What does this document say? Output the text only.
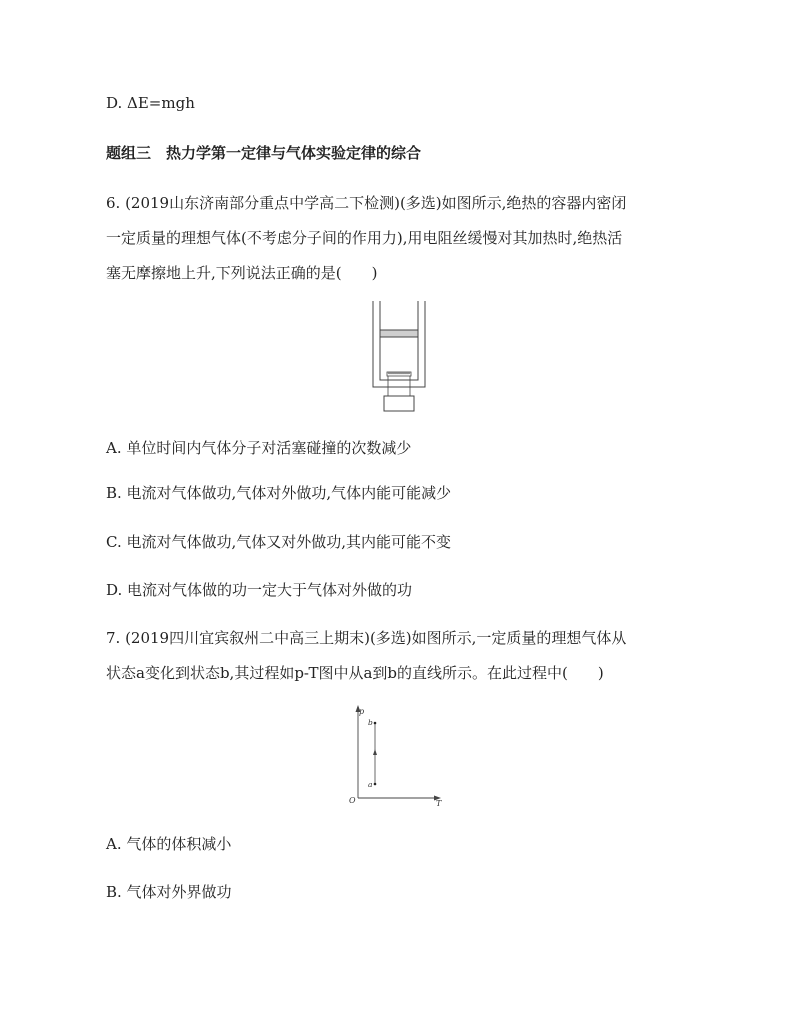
D. ΔE=mgh
题组三　热力学第一定律与气体实验定律的综合
6. (2019山东济南部分重点中学高二下检测)(多选)如图所示,绝热的容器内密闭
一定质量的理想气体(不考虑分子间的作用力),用电阻丝缓慢对其加热时,绝热活
塞无摩擦地上升,下列说法正确的是(　　)
A. 单位时间内气体分子对活塞碰撞的次数减少
B. 电流对气体做功,气体对外做功,气体内能可能减少
C. 电流对气体做功,气体又对外做功,其内能可能不变
D. 电流对气体做的功一定大于气体对外做的功
7. (2019四川宜宾叙州二中高三上期末)(多选)如图所示,一定质量的理想气体从
状态a变化到状态b,其过程如p-T图中从a到b的直线所示。在此过程中(　　)
p
T
O
a
b
A. 气体的体积减小
B. 气体对外界做功
